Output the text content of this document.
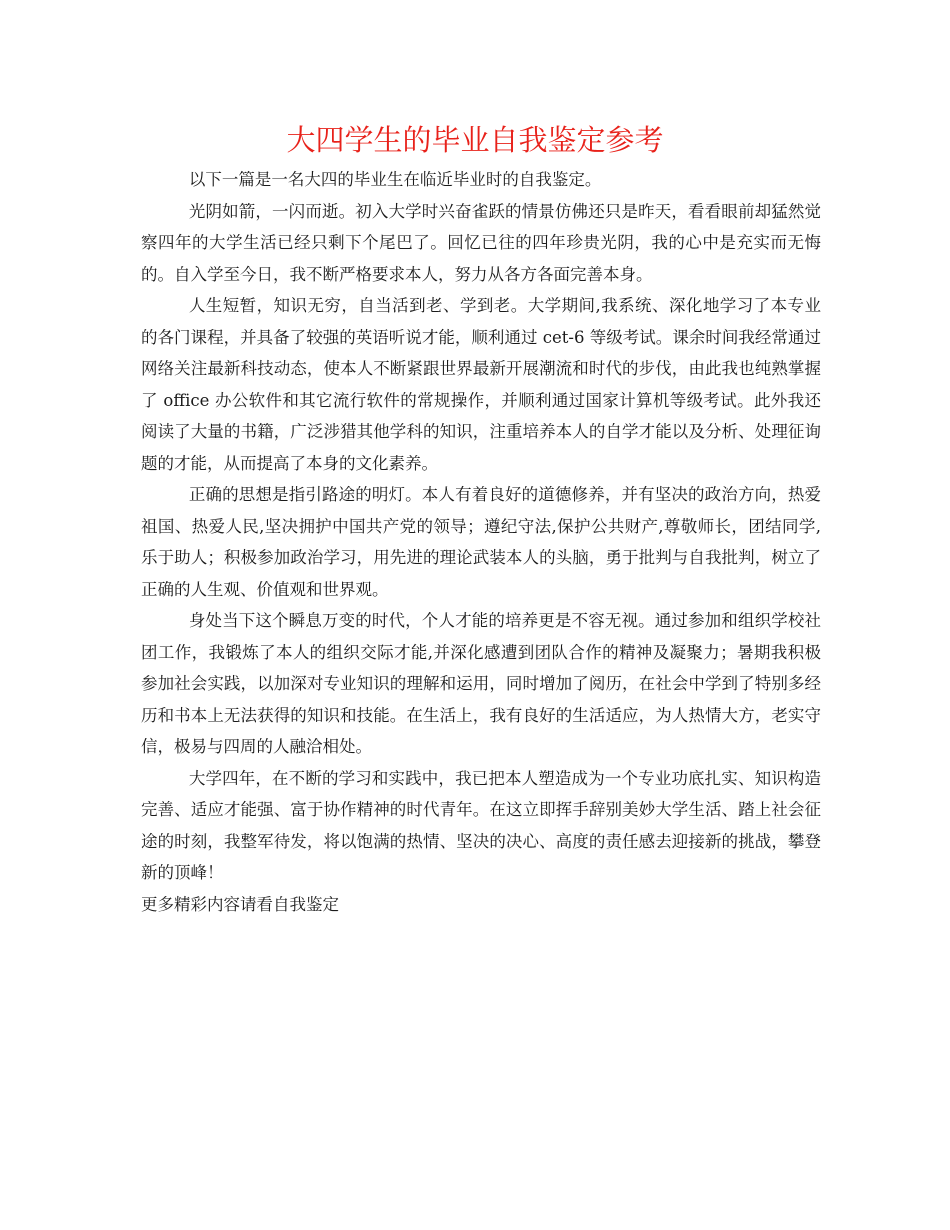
大四学生的毕业自我鉴定参考

以下一篇是一名大四的毕业生在临近毕业时的自我鉴定。

光阴如箭，一闪而逝。初入大学时兴奋雀跃的情景仿佛还只是昨天，看看眼前却猛然觉察四年的大学生活已经只剩下个尾巴了。回忆已往的四年珍贵光阴，我的心中是充实而无悔的。自入学至今日，我不断严格要求本人，努力从各方各面完善本身。

人生短暂，知识无穷，自当活到老、学到老。大学期间,我系统、深化地学习了本专业的各门课程，并具备了较强的英语听说才能，顺利通过 cet-6 等级考试。课余时间我经常通过网络关注最新科技动态，使本人不断紧跟世界最新开展潮流和时代的步伐，由此我也纯熟掌握了 office 办公软件和其它流行软件的常规操作，并顺利通过国家计算机等级考试。此外我还阅读了大量的书籍，广泛涉猎其他学科的知识，注重培养本人的自学才能以及分析、处理征询题的才能，从而提高了本身的文化素养。

正确的思想是指引路途的明灯。本人有着良好的道德修养，并有坚决的政治方向，热爱祖国、热爱人民,坚决拥护中国共产党的领导；遵纪守法,保护公共财产,尊敬师长，团结同学,乐于助人；积极参加政治学习，用先进的理论武装本人的头脑，勇于批判与自我批判，树立了正确的人生观、价值观和世界观。

身处当下这个瞬息万变的时代，个人才能的培养更是不容无视。通过参加和组织学校社团工作，我锻炼了本人的组织交际才能,并深化感遭到团队合作的精神及凝聚力；暑期我积极参加社会实践，以加深对专业知识的理解和运用，同时增加了阅历，在社会中学到了特别多经历和书本上无法获得的知识和技能。在生活上，我有良好的生活适应，为人热情大方，老实守信，极易与四周的人融洽相处。

大学四年，在不断的学习和实践中，我已把本人塑造成为一个专业功底扎实、知识构造完善、适应才能强、富于协作精神的时代青年。在这立即挥手辞别美妙大学生活、踏上社会征途的时刻，我整军待发，将以饱满的热情、坚决的决心、高度的责任感去迎接新的挑战，攀登新的顶峰！

更多精彩内容请看自我鉴定
